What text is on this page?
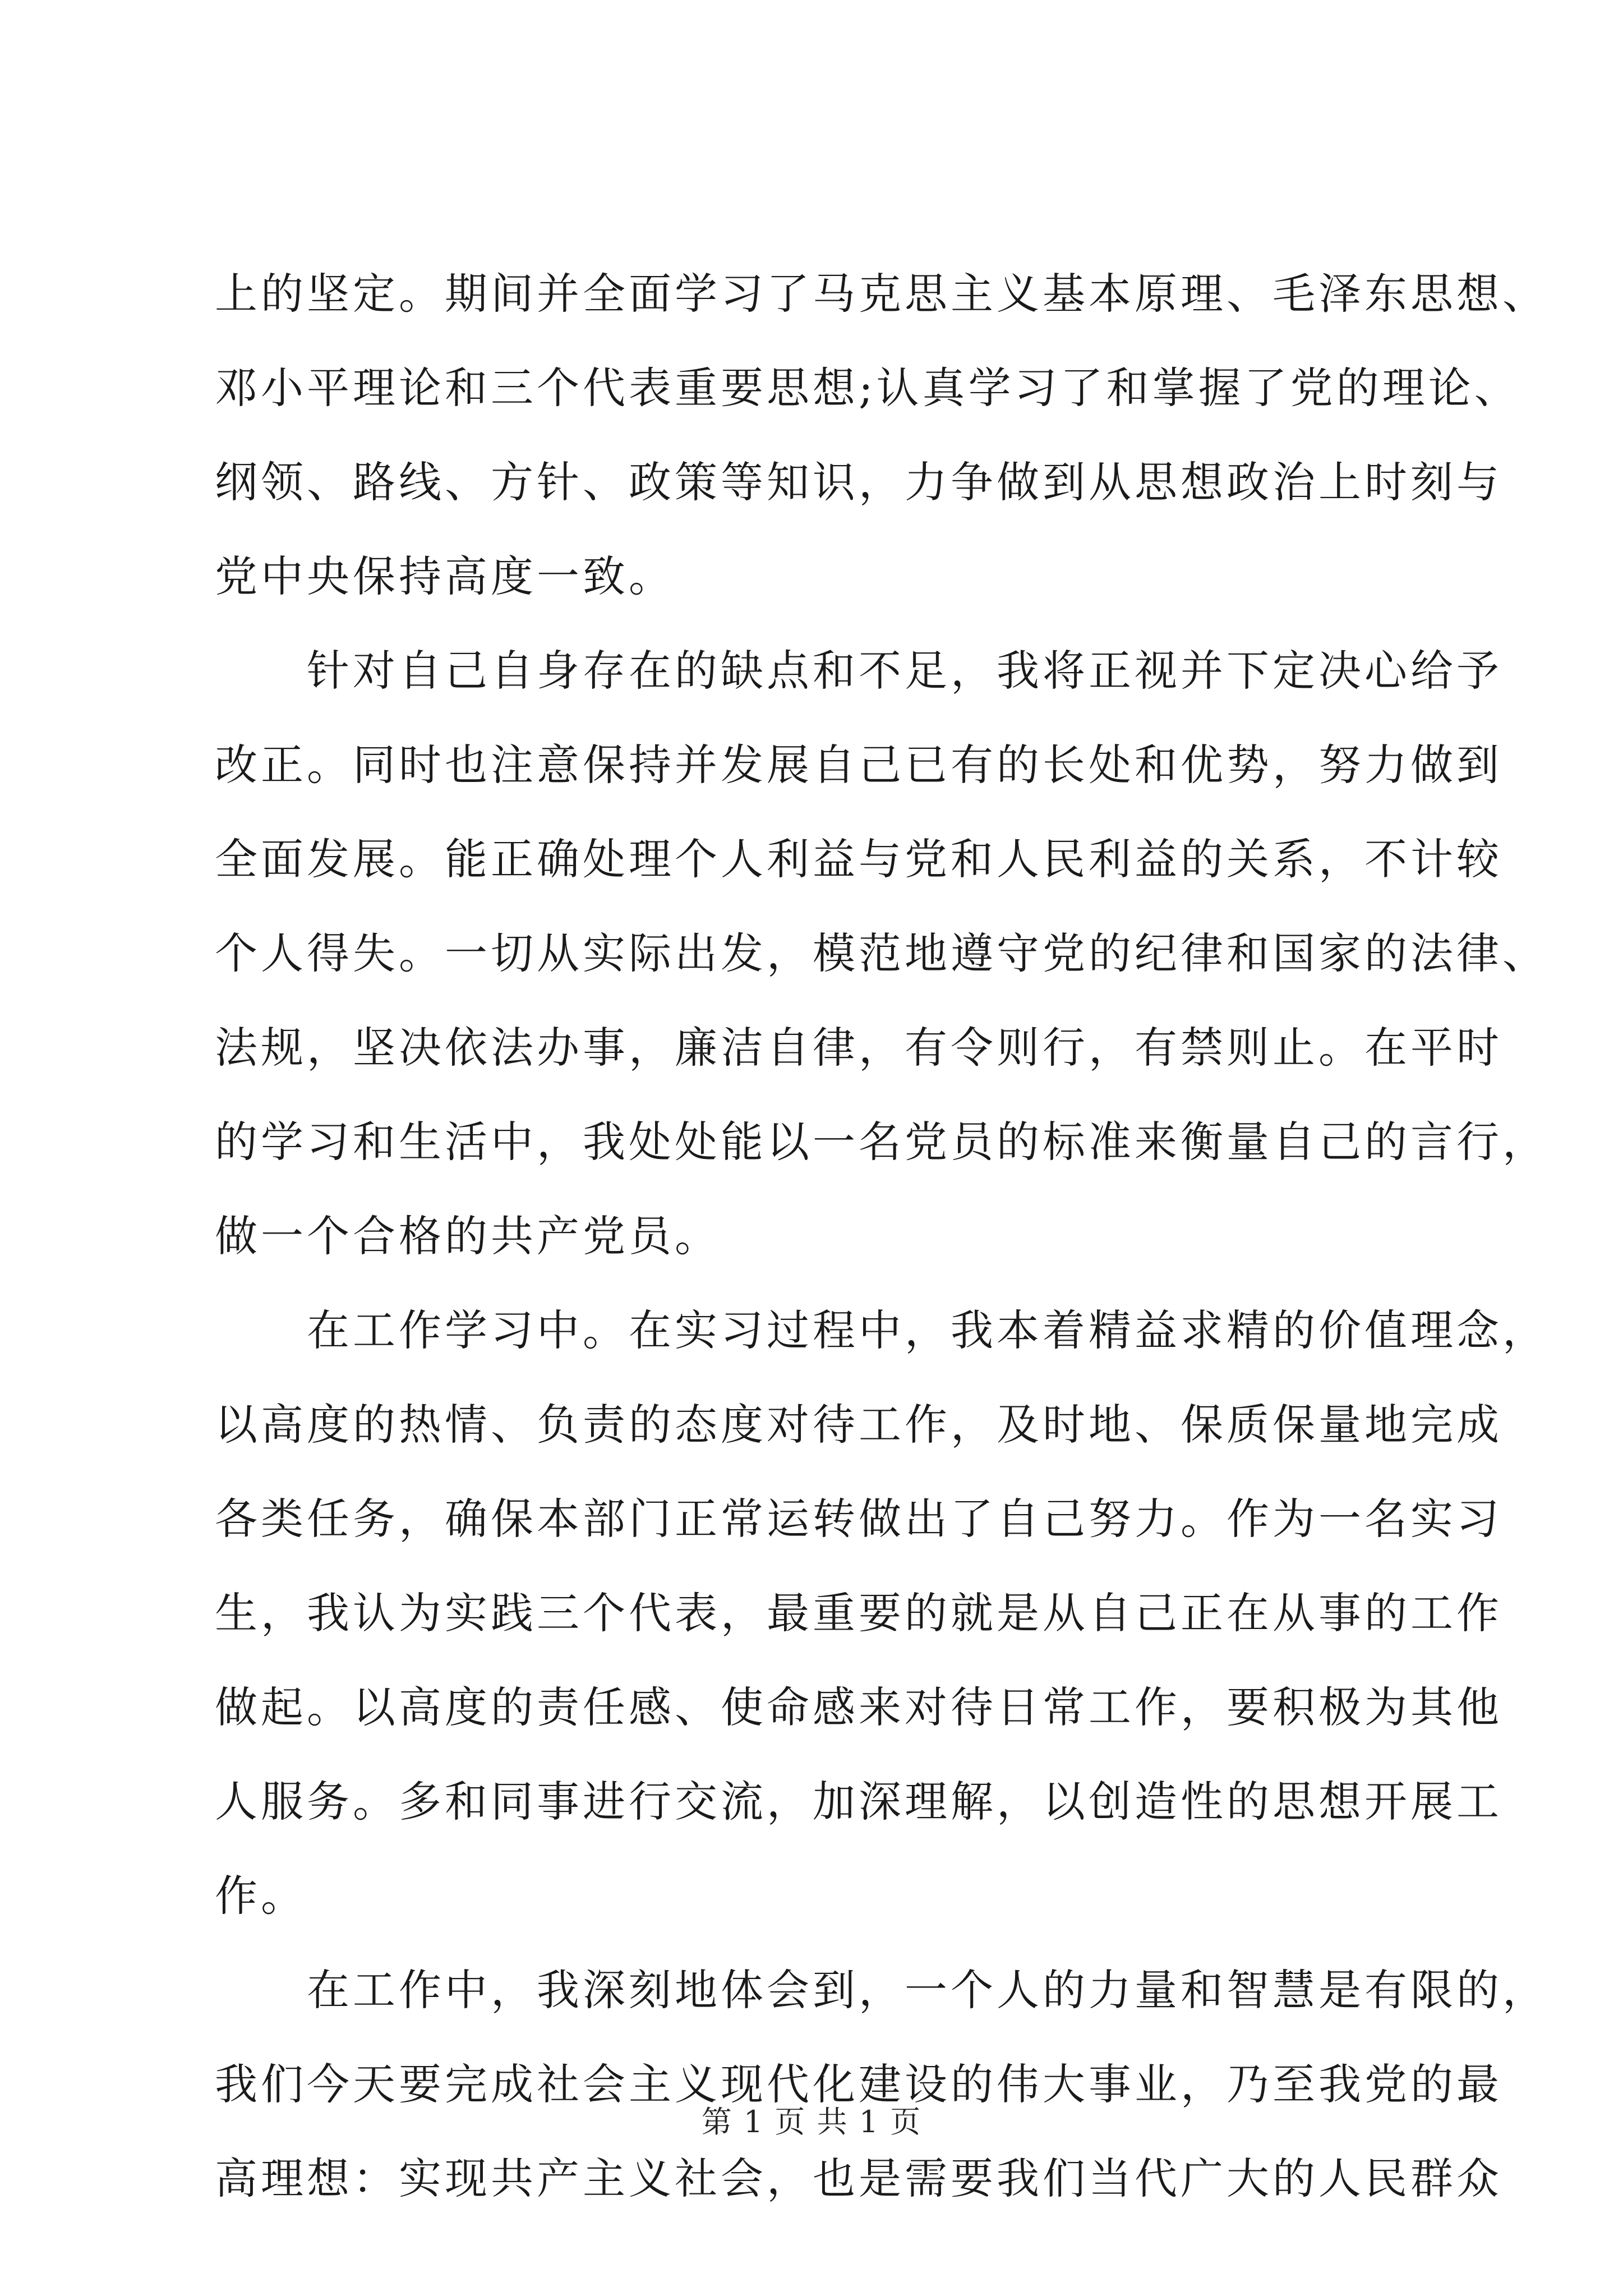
上的坚定。期间并全面学习了马克思主义基本原理、毛泽东思想、
邓小平理论和三个代表重要思想;认真学习了和掌握了党的理论、
纲领、路线、方针、政策等知识，力争做到从思想政治上时刻与
党中央保持高度一致。
针对自己自身存在的缺点和不足，我将正视并下定决心给予
改正。同时也注意保持并发展自己已有的长处和优势，努力做到
全面发展。能正确处理个人利益与党和人民利益的关系，不计较
个人得失。一切从实际出发，模范地遵守党的纪律和国家的法律、
法规，坚决依法办事，廉洁自律，有令则行，有禁则止。在平时
的学习和生活中，我处处能以一名党员的标准来衡量自己的言行，
做一个合格的共产党员。
在工作学习中。在实习过程中，我本着精益求精的价值理念，
以高度的热情、负责的态度对待工作，及时地、保质保量地完成
各类任务，确保本部门正常运转做出了自己努力。作为一名实习
生，我认为实践三个代表，最重要的就是从自己正在从事的工作
做起。以高度的责任感、使命感来对待日常工作，要积极为其他
人服务。多和同事进行交流，加深理解，以创造性的思想开展工
作。
在工作中，我深刻地体会到，一个人的力量和智慧是有限的，
我们今天要完成社会主义现代化建设的伟大事业，乃至我党的最
高理想：实现共产主义社会，也是需要我们当代广大的人民群众
第 1 页 共 1 页
